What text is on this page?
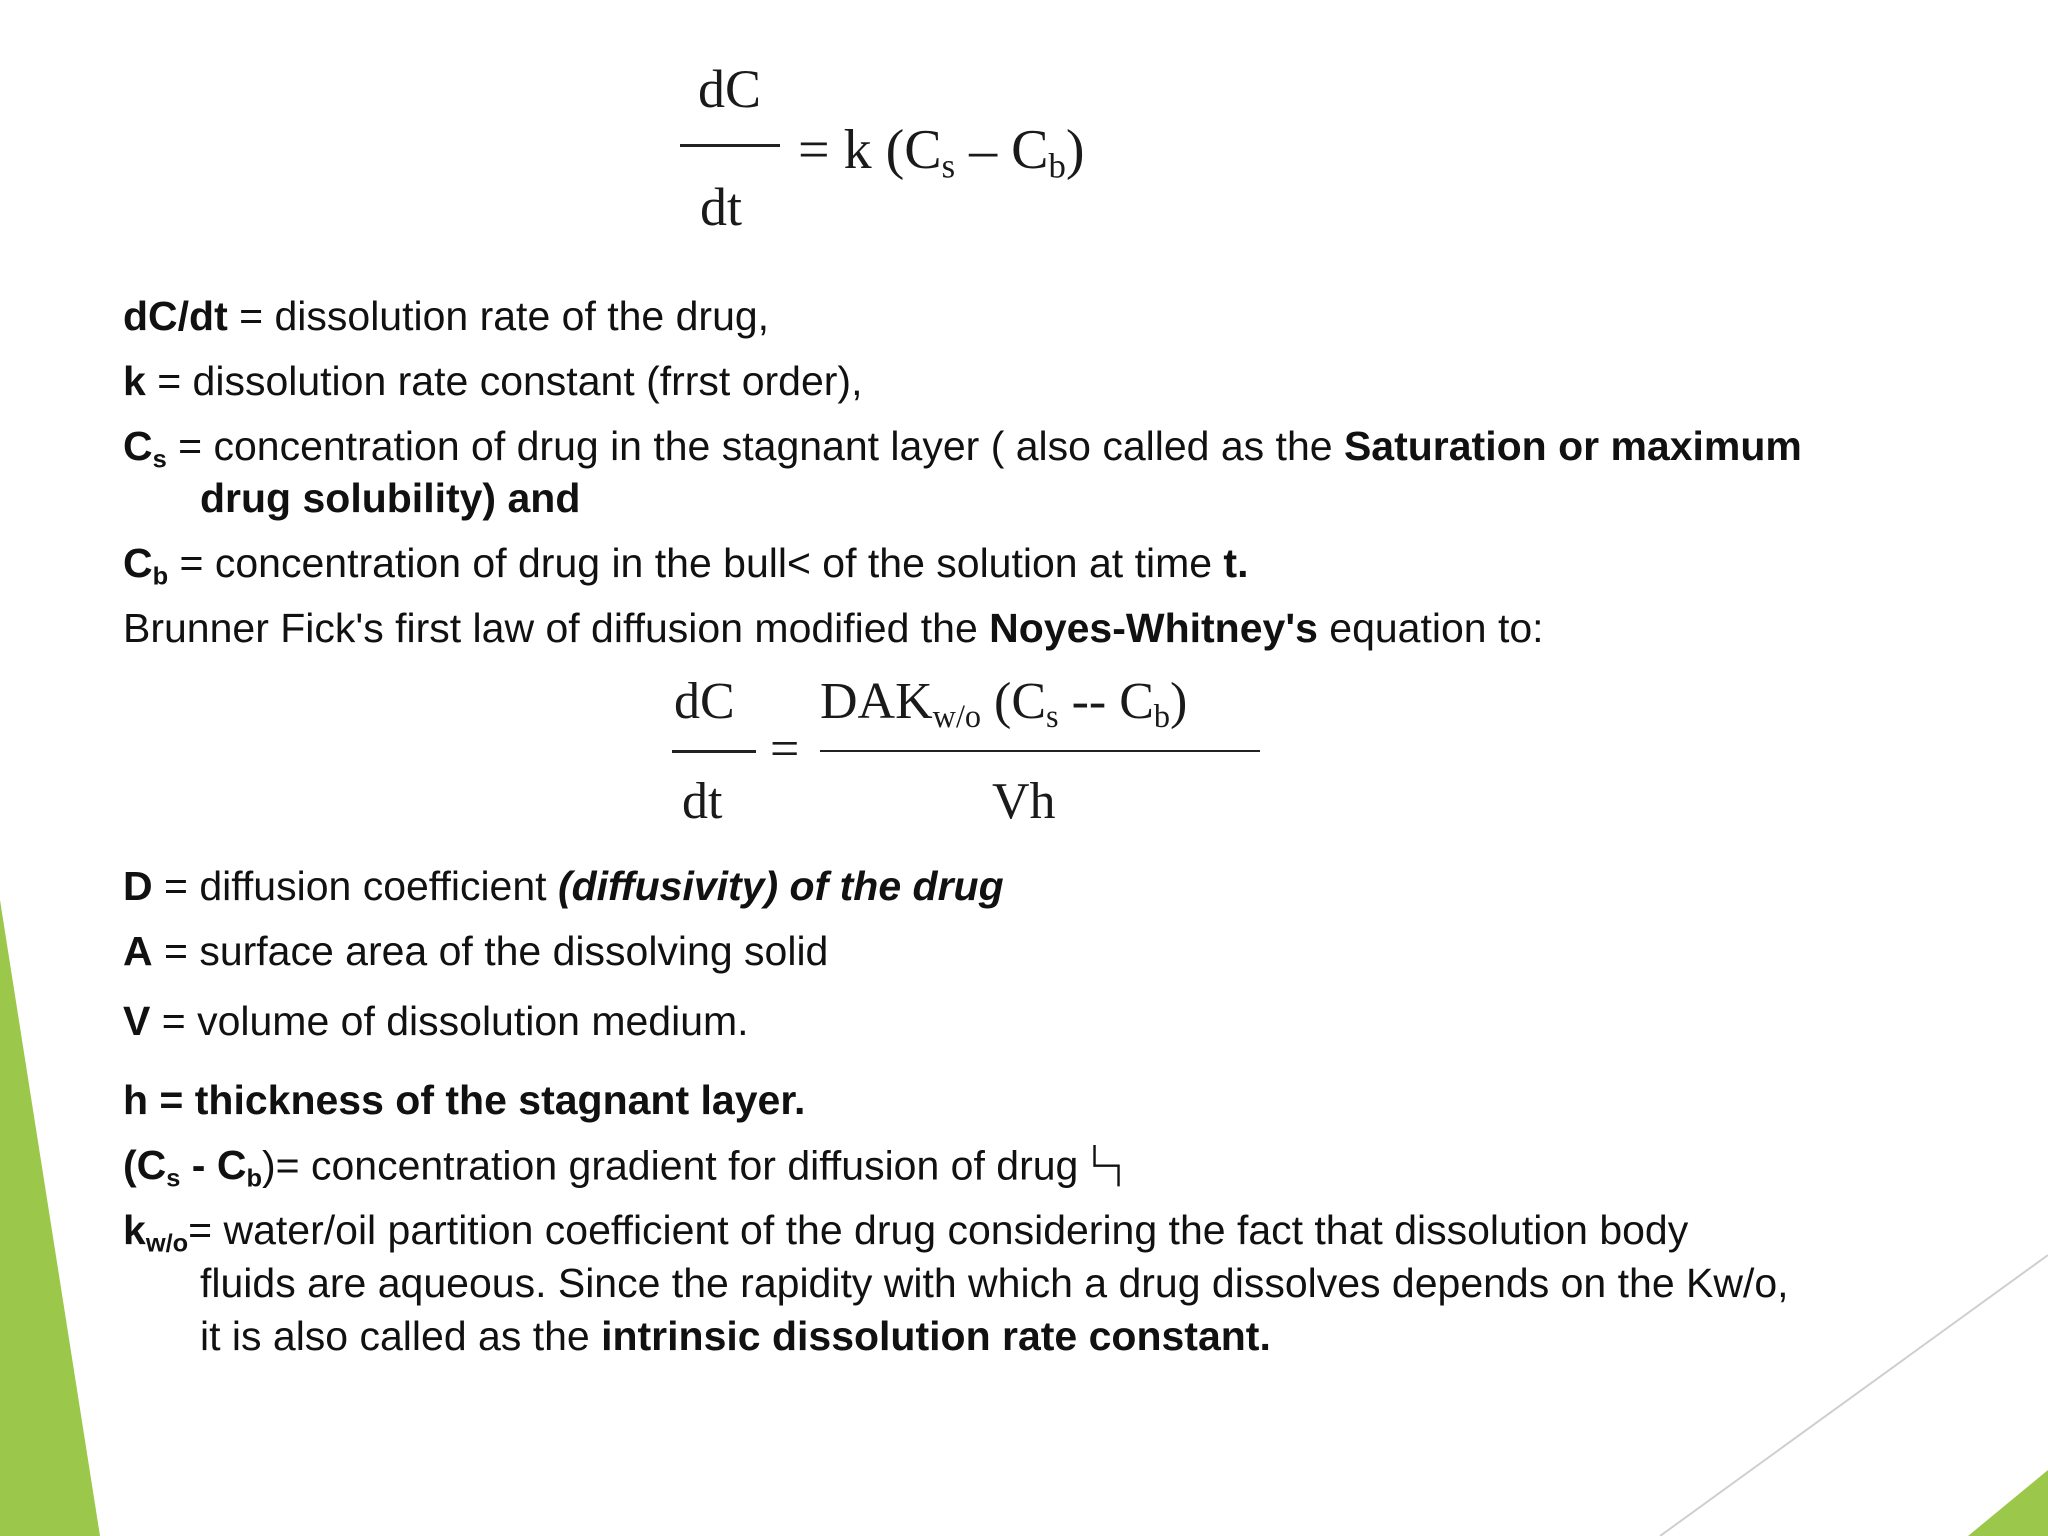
dC
dt
= k $(C_s - C_b)$
dC/dt = dissolution rate of the drug,
k = dissolution rate constant (frrst order),
$C_s$ = concentration of drug in the stagnant layer ( also called as the Saturation or maximum
drug solubility) and
$C_b$ = concentration of drug in the bull< of the solution at time t.
Brunner Fick's first law of diffusion modified the Noyes-Whitney's equation to:
dC
dt
=
$DAK_{w/o}$ $(C_s -- C_b)$
Vh
D = diffusion coefficient (diffusivity) of the drug
A = surface area of the dissolving solid
V = volume of dissolution medium.
h = thickness of the stagnant layer.
$(C_s - C_b)=$ concentration gradient for diffusion of drug └┐
$k_{w/o}=$ water/oil partition coefficient of the drug considering the fact that dissolution body
fluids are aqueous. Since the rapidity with which a drug dissolves depends on the Kw/o,
it is also called as the intrinsic dissolution rate constant.
